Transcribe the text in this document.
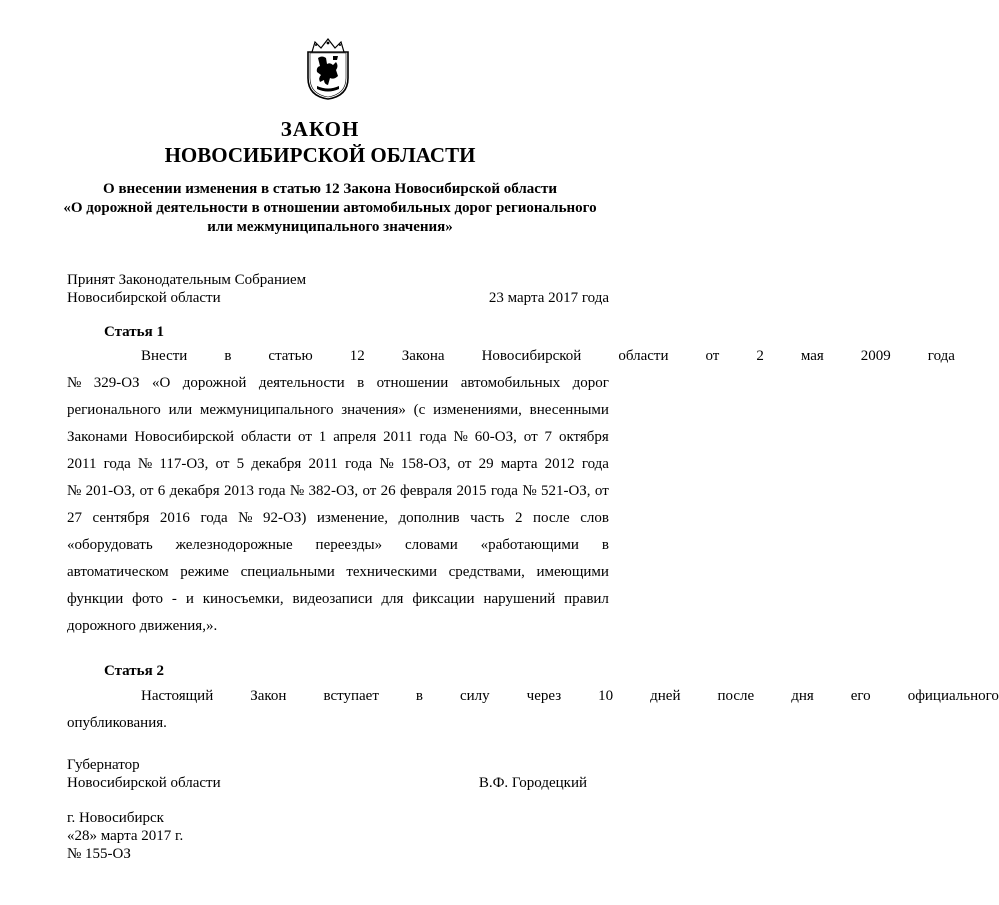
ЗАКОН
НОВОСИБИРСКОЙ ОБЛАСТИ
О внесении изменения в статью 12 Закона Новосибирской области
«О дорожной деятельности в отношении автомобильных дорог регионального
или межмуниципального значения»
Принят Законодательным Собранием
Новосибирской области	23 марта 2017 года
Статья 1
Внести	в	статью	12	Закона	Новосибирской	области	от	2	мая	2009	года
№ 329-ОЗ «О дорожной деятельности в отношении автомобильных дорог
регионального или межмуниципального значения» (с изменениями, внесенными
Законами Новосибирской области от 1 апреля 2011 года № 60-ОЗ, от 7 октября
2011 года № 117-ОЗ, от 5 декабря 2011 года № 158-ОЗ, от 29 марта 2012 года
№ 201-ОЗ, от 6 декабря 2013 года № 382-ОЗ, от 26 февраля 2015 года № 521-ОЗ, от
27 сентября 2016 года № 92-ОЗ) изменение, дополнив часть 2 после слов
«оборудовать железнодорожные переезды» словами «работающими в
автоматическом режиме специальными техническими средствами, имеющими
функции фото - и киносъемки, видеозаписи для фиксации нарушений правил
дорожного движения,».
Статья 2
Настоящий	Закон	вступает	в	силу	через	10	дней	после	дня	его	официального
опубликования.
Губернатор
Новосибирской области	В.Ф. Городецкий
г. Новосибирск
«28» марта 2017 г.
№ 155-ОЗ
